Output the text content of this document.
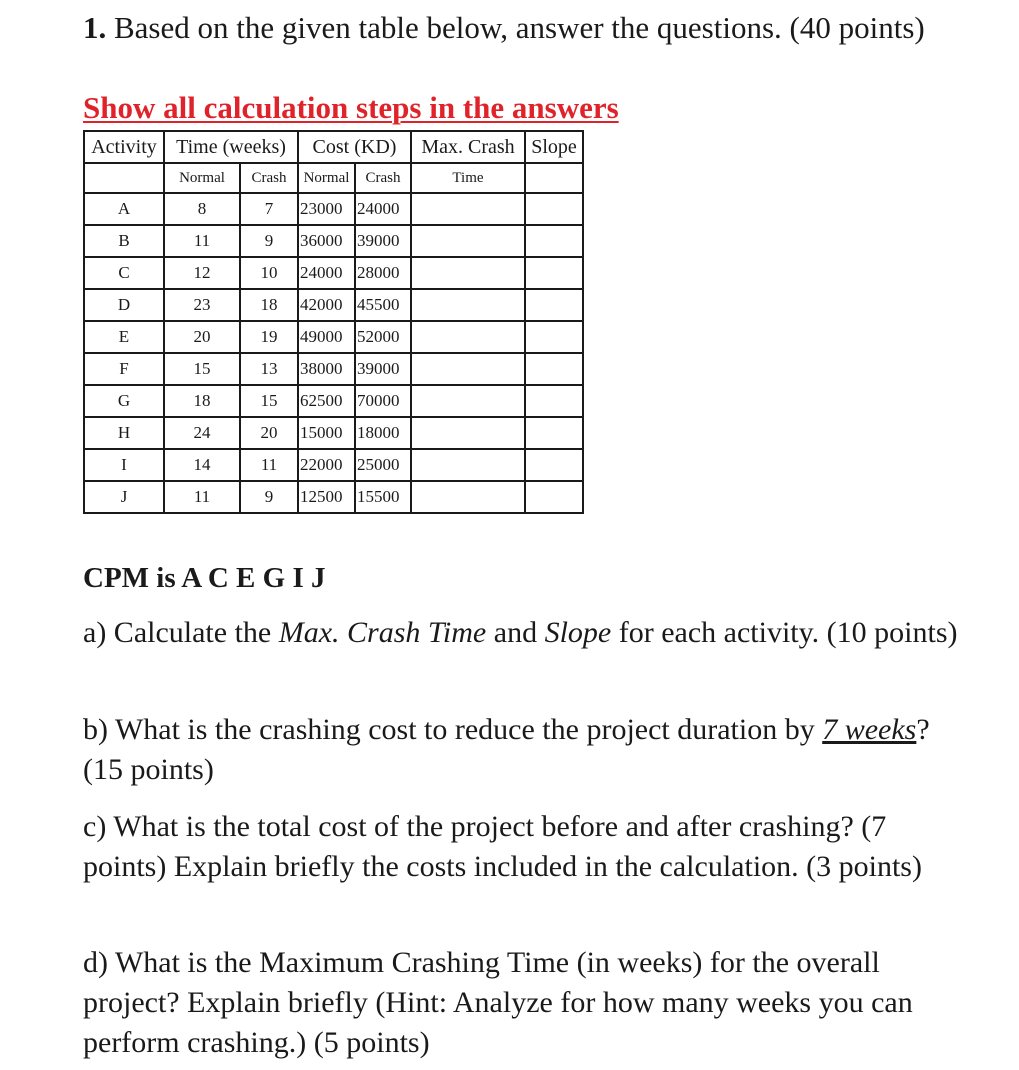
1. Based on the given table below, answer the questions. (40 points)
Show all calculation steps in the answers
Activity	Time (weeks)		Cost (KD)		Max. Crash	Slope
	Normal	Crash	Normal	Crash	Time	
A	8	7	23000	24000		
B	11	9	36000	39000		
C	12	10	24000	28000		
D	23	18	42000	45500		
E	20	19	49000	52000		
F	15	13	38000	39000		
G	18	15	62500	70000		
H	24	20	15000	18000		
I	14	11	22000	25000		
J	11	9	12500	15500		
CPM is A C E G I J
a) Calculate the Max. Crash Time and Slope for each activity. (10 points)
b) What is the crashing cost to reduce the project duration by 7 weeks? (15 points)
c) What is the total cost of the project before and after crashing? (7 points) Explain briefly the costs included in the calculation. (3 points)
d) What is the Maximum Crashing Time (in weeks) for the overall project? Explain briefly (Hint: Analyze for how many weeks you can perform crashing.) (5 points)
